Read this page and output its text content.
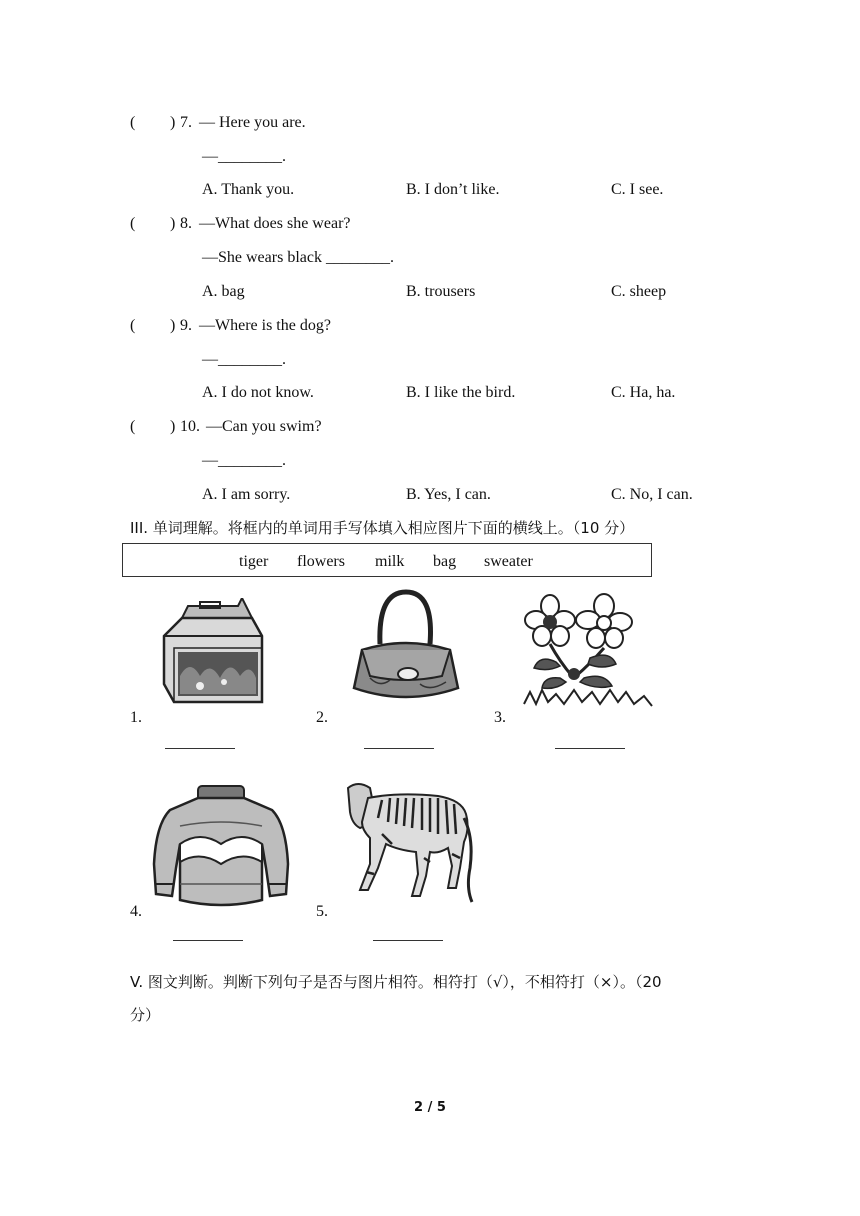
( ) 7. — Here you are.
—________.
A. Thank you.	B. I don’t like.	C. I see.
( ) 8. —What does she wear?
—She wears black ________.
A. bag	B. trousers	C. sheep
( ) 9. —Where is the dog?
—________.
A. I do not know.	B. I like the bird.	C. Ha, ha.
( ) 10. —Can you swim?
—________.
A. I am sorry.	B. Yes, I can.	C. No, I can.
III. 单词理解。将框内的单词用手写体填入相应图片下面的横线上。（10 分）
tiger flowers milk bag sweater
1.	2.	3.
4.	5.
V. 图文判断。判断下列句子是否与图片相符。相符打（√），不相符打（×）。（20
分）
2 / 5
